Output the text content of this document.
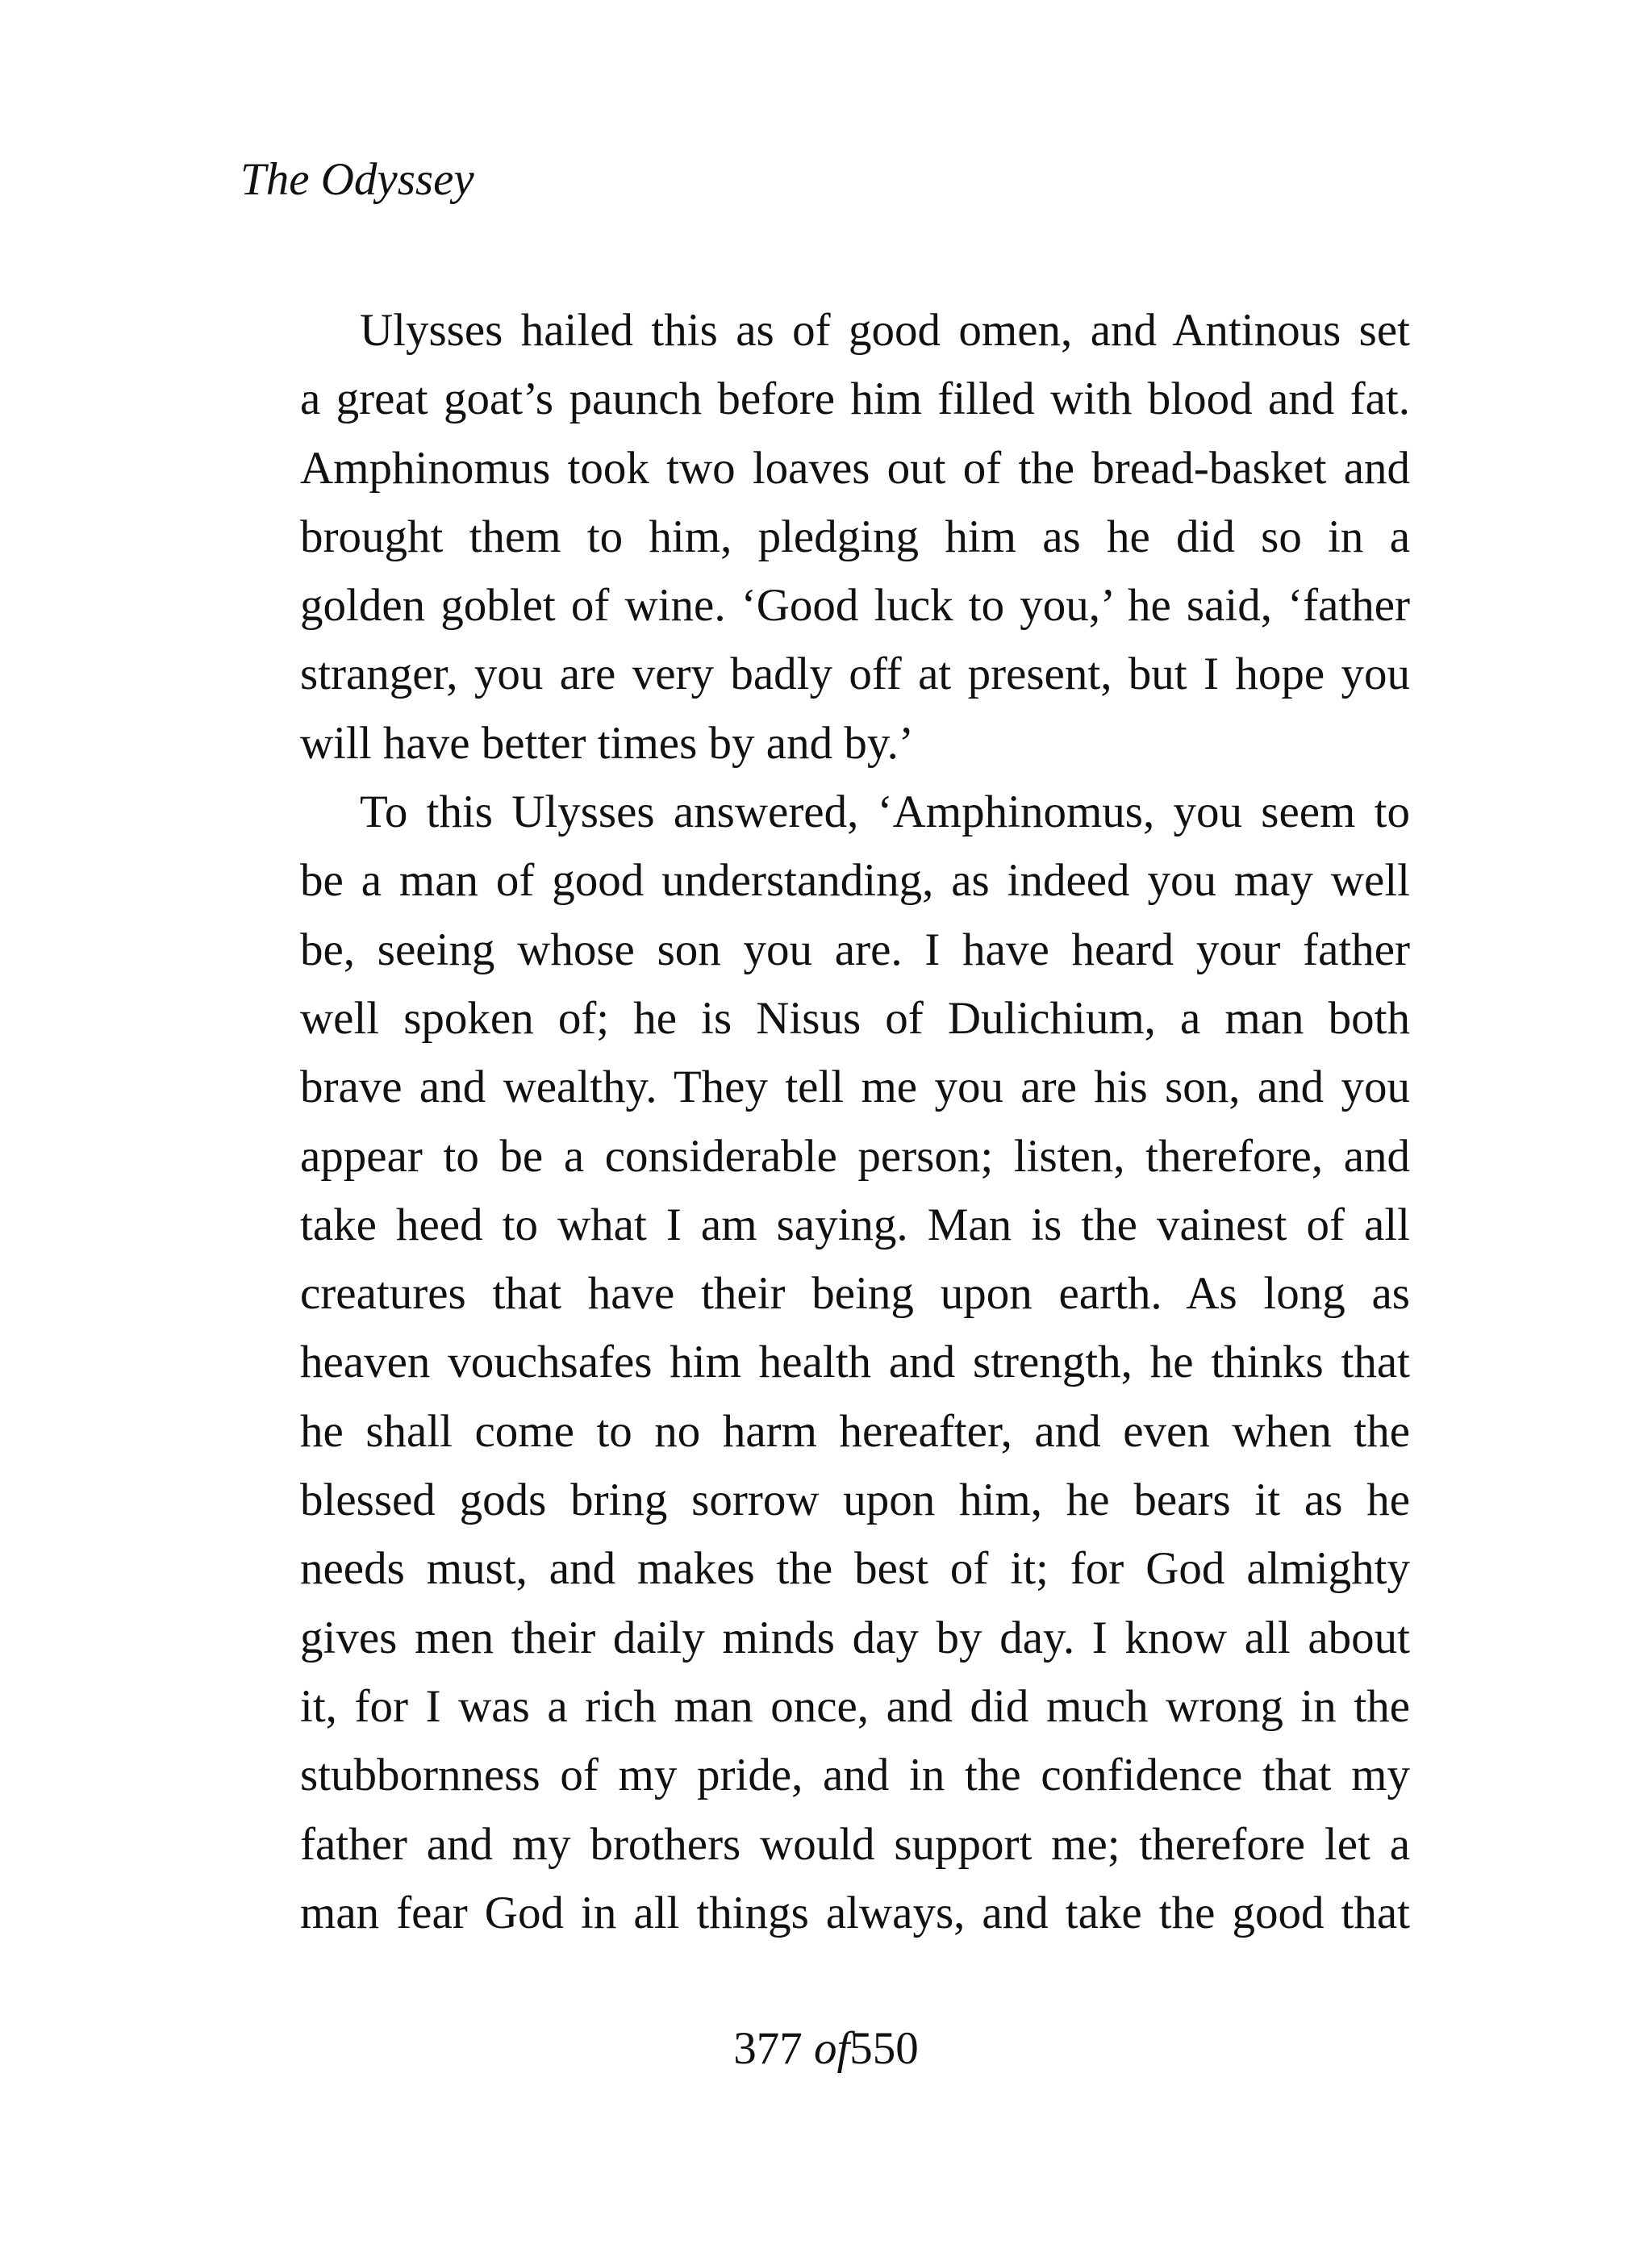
The Odyssey
Ulysses hailed this as of good omen, and Antinous set
a great goat’s paunch before him filled with blood and fat.
Amphinomus took two loaves out of the bread-basket and
brought them to him, pledging him as he did so in a
golden goblet of wine. ‘Good luck to you,’ he said, ‘father
stranger, you are very badly off at present, but I hope you
will have better times by and by.’
To this Ulysses answered, ‘Amphinomus, you seem to
be a man of good understanding, as indeed you may well
be, seeing whose son you are. I have heard your father
well spoken of; he is Nisus of Dulichium, a man both
brave and wealthy. They tell me you are his son, and you
appear to be a considerable person; listen, therefore, and
take heed to what I am saying. Man is the vainest of all
creatures that have their being upon earth. As long as
heaven vouchsafes him health and strength, he thinks that
he shall come to no harm hereafter, and even when the
blessed gods bring sorrow upon him, he bears it as he
needs must, and makes the best of it; for God almighty
gives men their daily minds day by day. I know all about
it, for I was a rich man once, and did much wrong in the
stubbornness of my pride, and in the confidence that my
father and my brothers would support me; therefore let a
man fear God in all things always, and take the good that
377 of550
